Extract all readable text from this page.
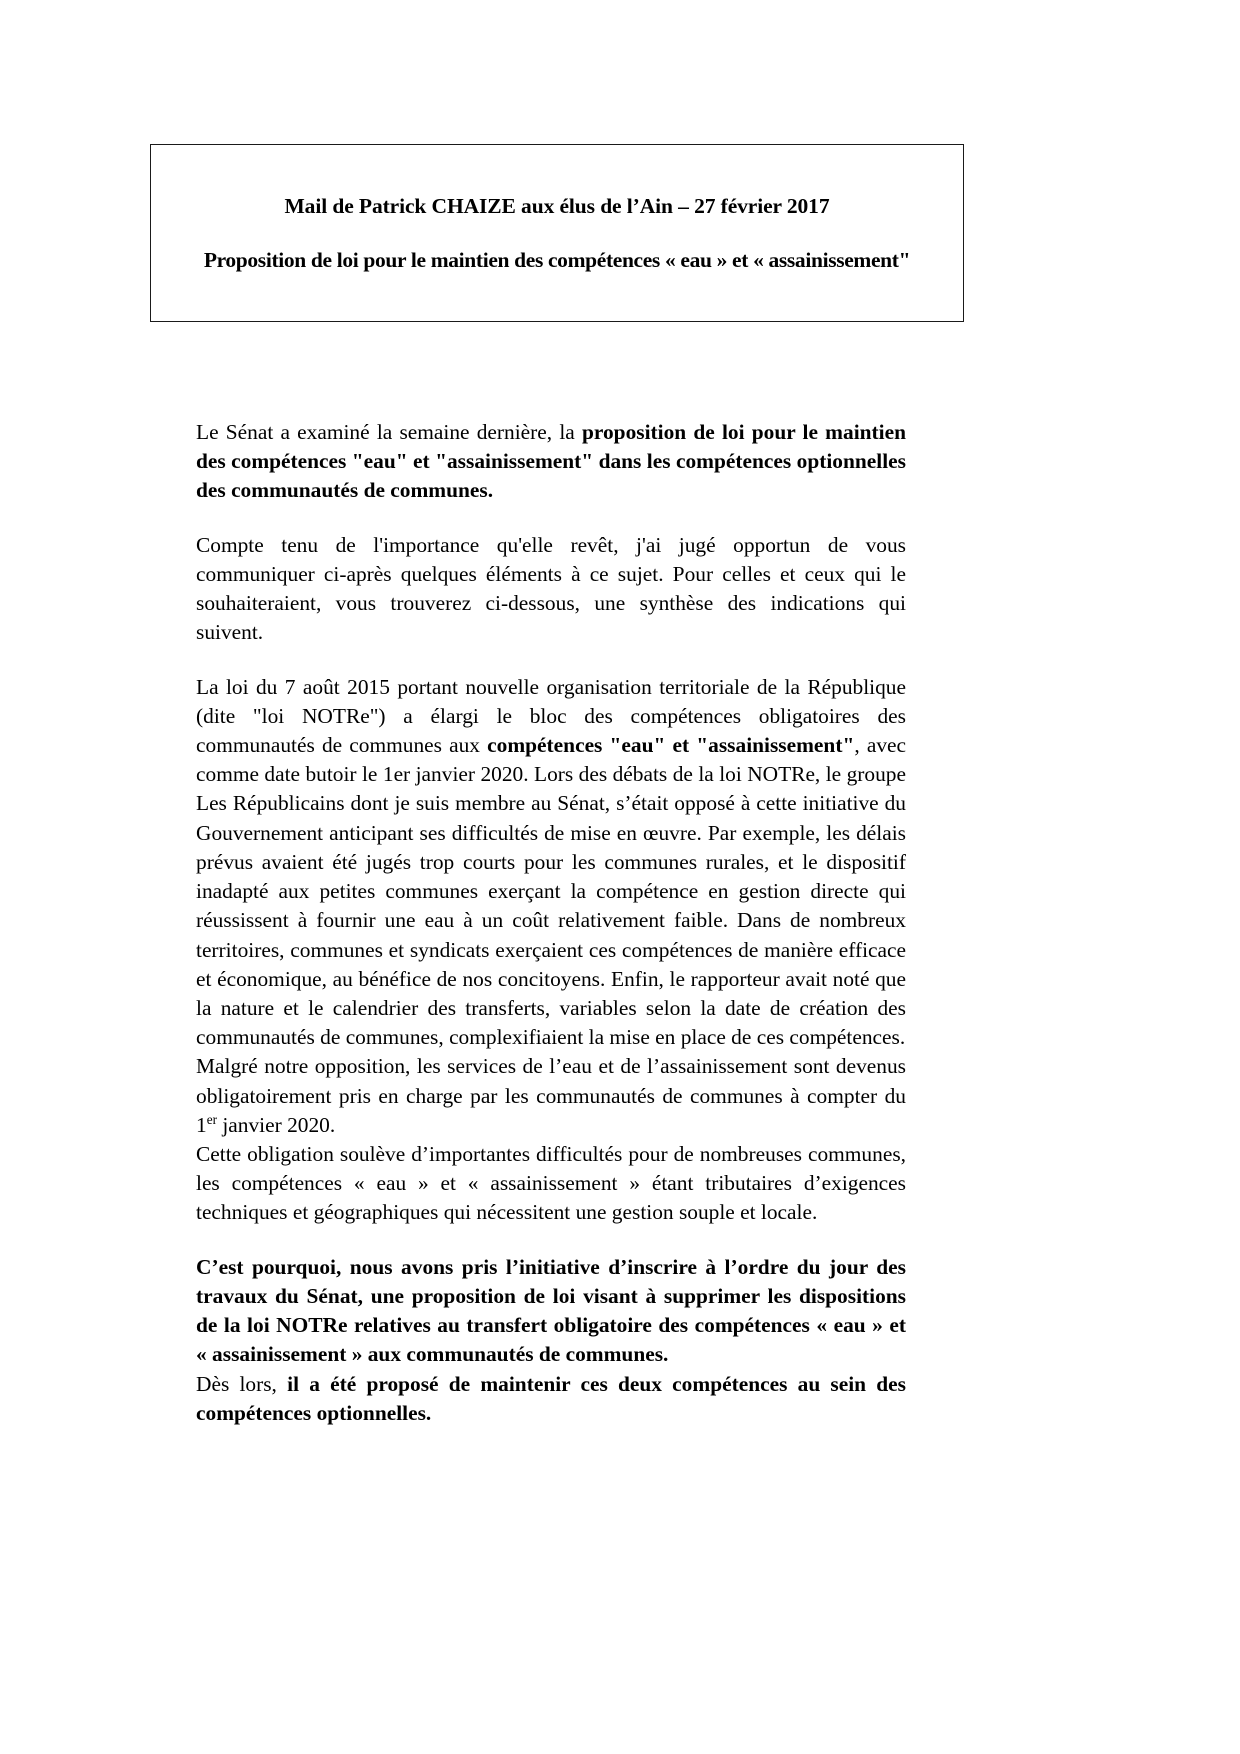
Mail de Patrick CHAIZE aux élus de l’Ain – 27 février 2017
Proposition de loi pour le maintien des compétences « eau » et « assainissement"

Le Sénat a examiné la semaine dernière, la proposition de loi pour le maintien des compétences "eau" et "assainissement" dans les compétences optionnelles des communautés de communes.

Compte tenu de l'importance qu'elle revêt, j'ai jugé opportun de vous communiquer ci-après quelques éléments à ce sujet. Pour celles et ceux qui le souhaiteraient, vous trouverez ci-dessous, une synthèse des indications qui suivent.

La loi du 7 août 2015 portant nouvelle organisation territoriale de la République (dite "loi NOTRe") a élargi le bloc des compétences obligatoires des communautés de communes aux compétences "eau" et "assainissement", avec comme date butoir le 1er janvier 2020. Lors des débats de la loi NOTRe, le groupe Les Républicains dont je suis membre au Sénat, s’était opposé à cette initiative du Gouvernement anticipant ses difficultés de mise en œuvre. Par exemple, les délais prévus avaient été jugés trop courts pour les communes rurales, et le dispositif inadapté aux petites communes exerçant la compétence en gestion directe qui réussissent à fournir une eau à un coût relativement faible. Dans de nombreux territoires, communes et syndicats exerçaient ces compétences de manière efficace et économique, au bénéfice de nos concitoyens. Enfin, le rapporteur avait noté que la nature et le calendrier des transferts, variables selon la date de création des communautés de communes, complexifiaient la mise en place de ces compétences.

Malgré notre opposition, les services de l’eau et de l’assainissement sont devenus obligatoirement pris en charge par les communautés de communes à compter du 1er janvier 2020.

Cette obligation soulève d’importantes difficultés pour de nombreuses communes, les compétences « eau » et « assainissement » étant tributaires d’exigences techniques et géographiques qui nécessitent une gestion souple et locale.

C’est pourquoi, nous avons pris l’initiative d’inscrire à l’ordre du jour des travaux du Sénat, une proposition de loi visant à supprimer les dispositions de la loi NOTRe relatives au transfert obligatoire des compétences « eau » et « assainissement » aux communautés de communes.

Dès lors, il a été proposé de maintenir ces deux compétences au sein des compétences optionnelles.
